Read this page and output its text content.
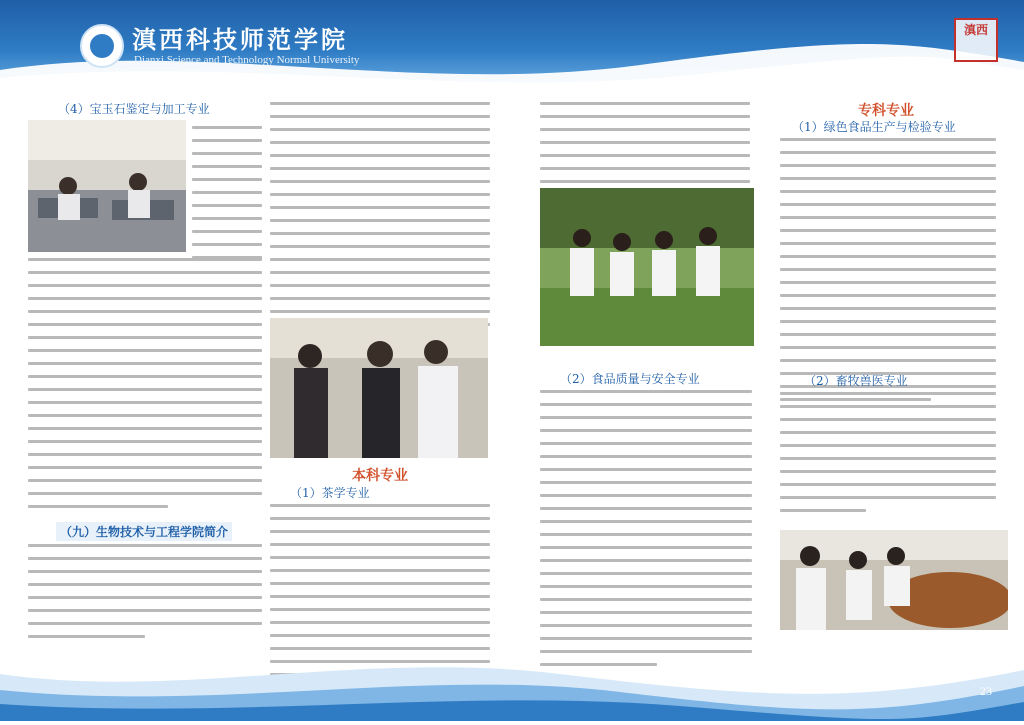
滇西科技师范学院
Dianxi Science and Technology Normal University
滇西
（4）宝玉石鉴定与加工专业
（九）生物技术与工程学院简介
本科专业
（1）茶学专业
（2）食品质量与安全专业
专科专业
（1）绿色食品生产与检验专业
（2）畜牧兽医专业
23
